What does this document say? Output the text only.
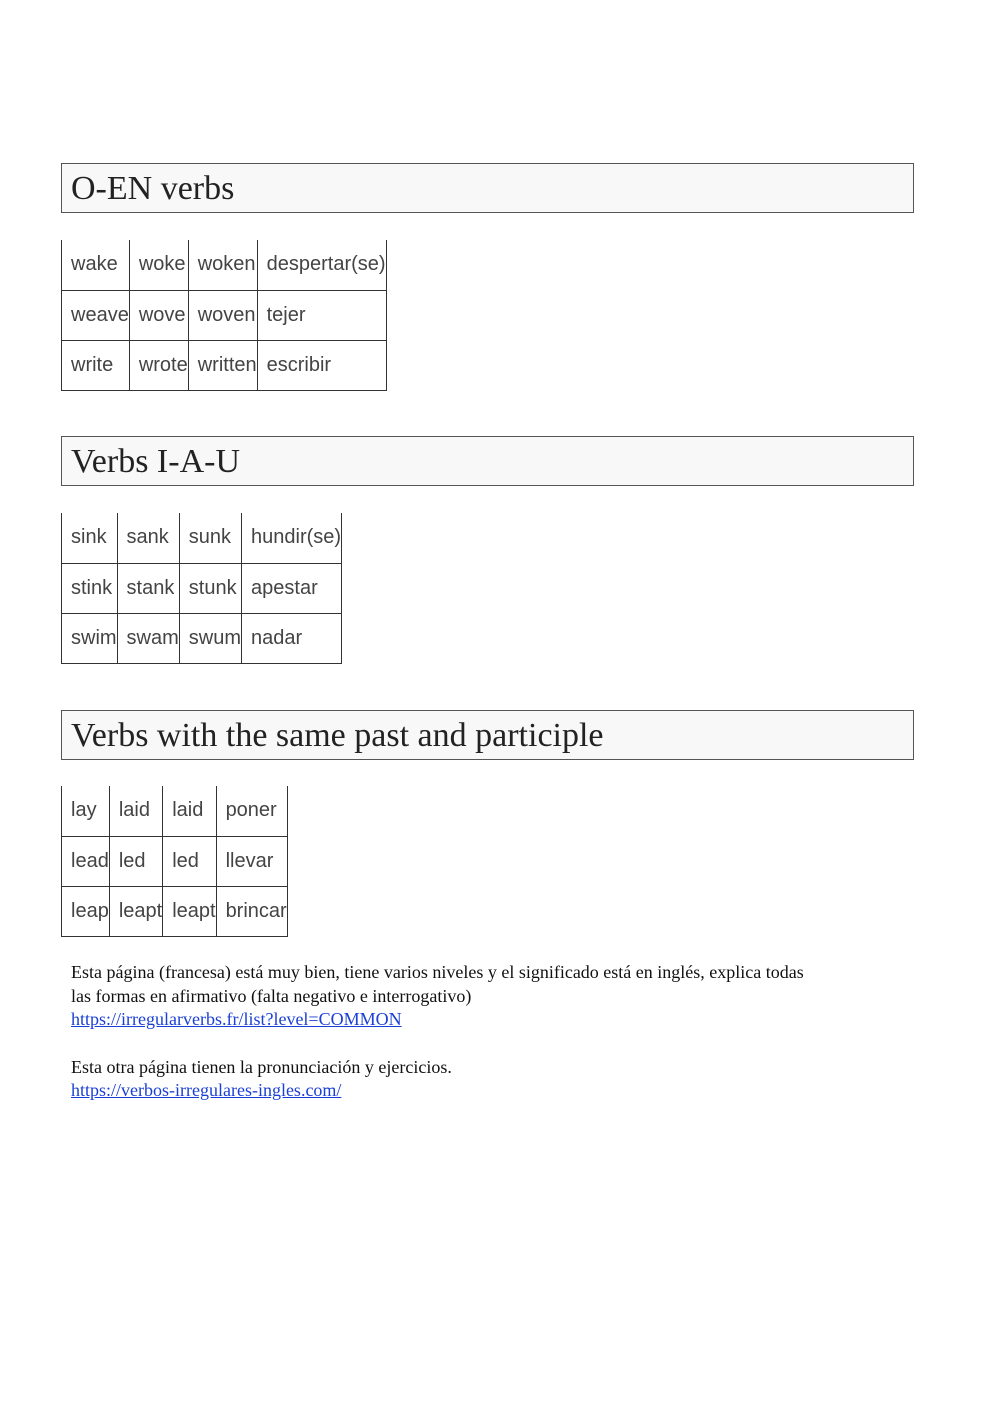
O-EN verbs
wake	woke	woken	despertar(se)
weave	wove	woven	tejer
write	wrote	written	escribir
Verbs I-A-U
sink	sank	sunk	hundir(se)
stink	stank	stunk	apestar
swim	swam	swum	nadar
Verbs with the same past and participle
lay	laid	laid	poner
lead	led	led	llevar
leap	leapt	leapt	brincar

Esta página (francesa) está muy bien, tiene varios niveles y el significado está en inglés, explica todas

las formas en afirmativo (falta negativo e interrogativo)

https://irregularverbs.fr/list?level=COMMON

Esta otra página tienen la pronunciación y ejercicios.

https://verbos-irregulares-ingles.com/
